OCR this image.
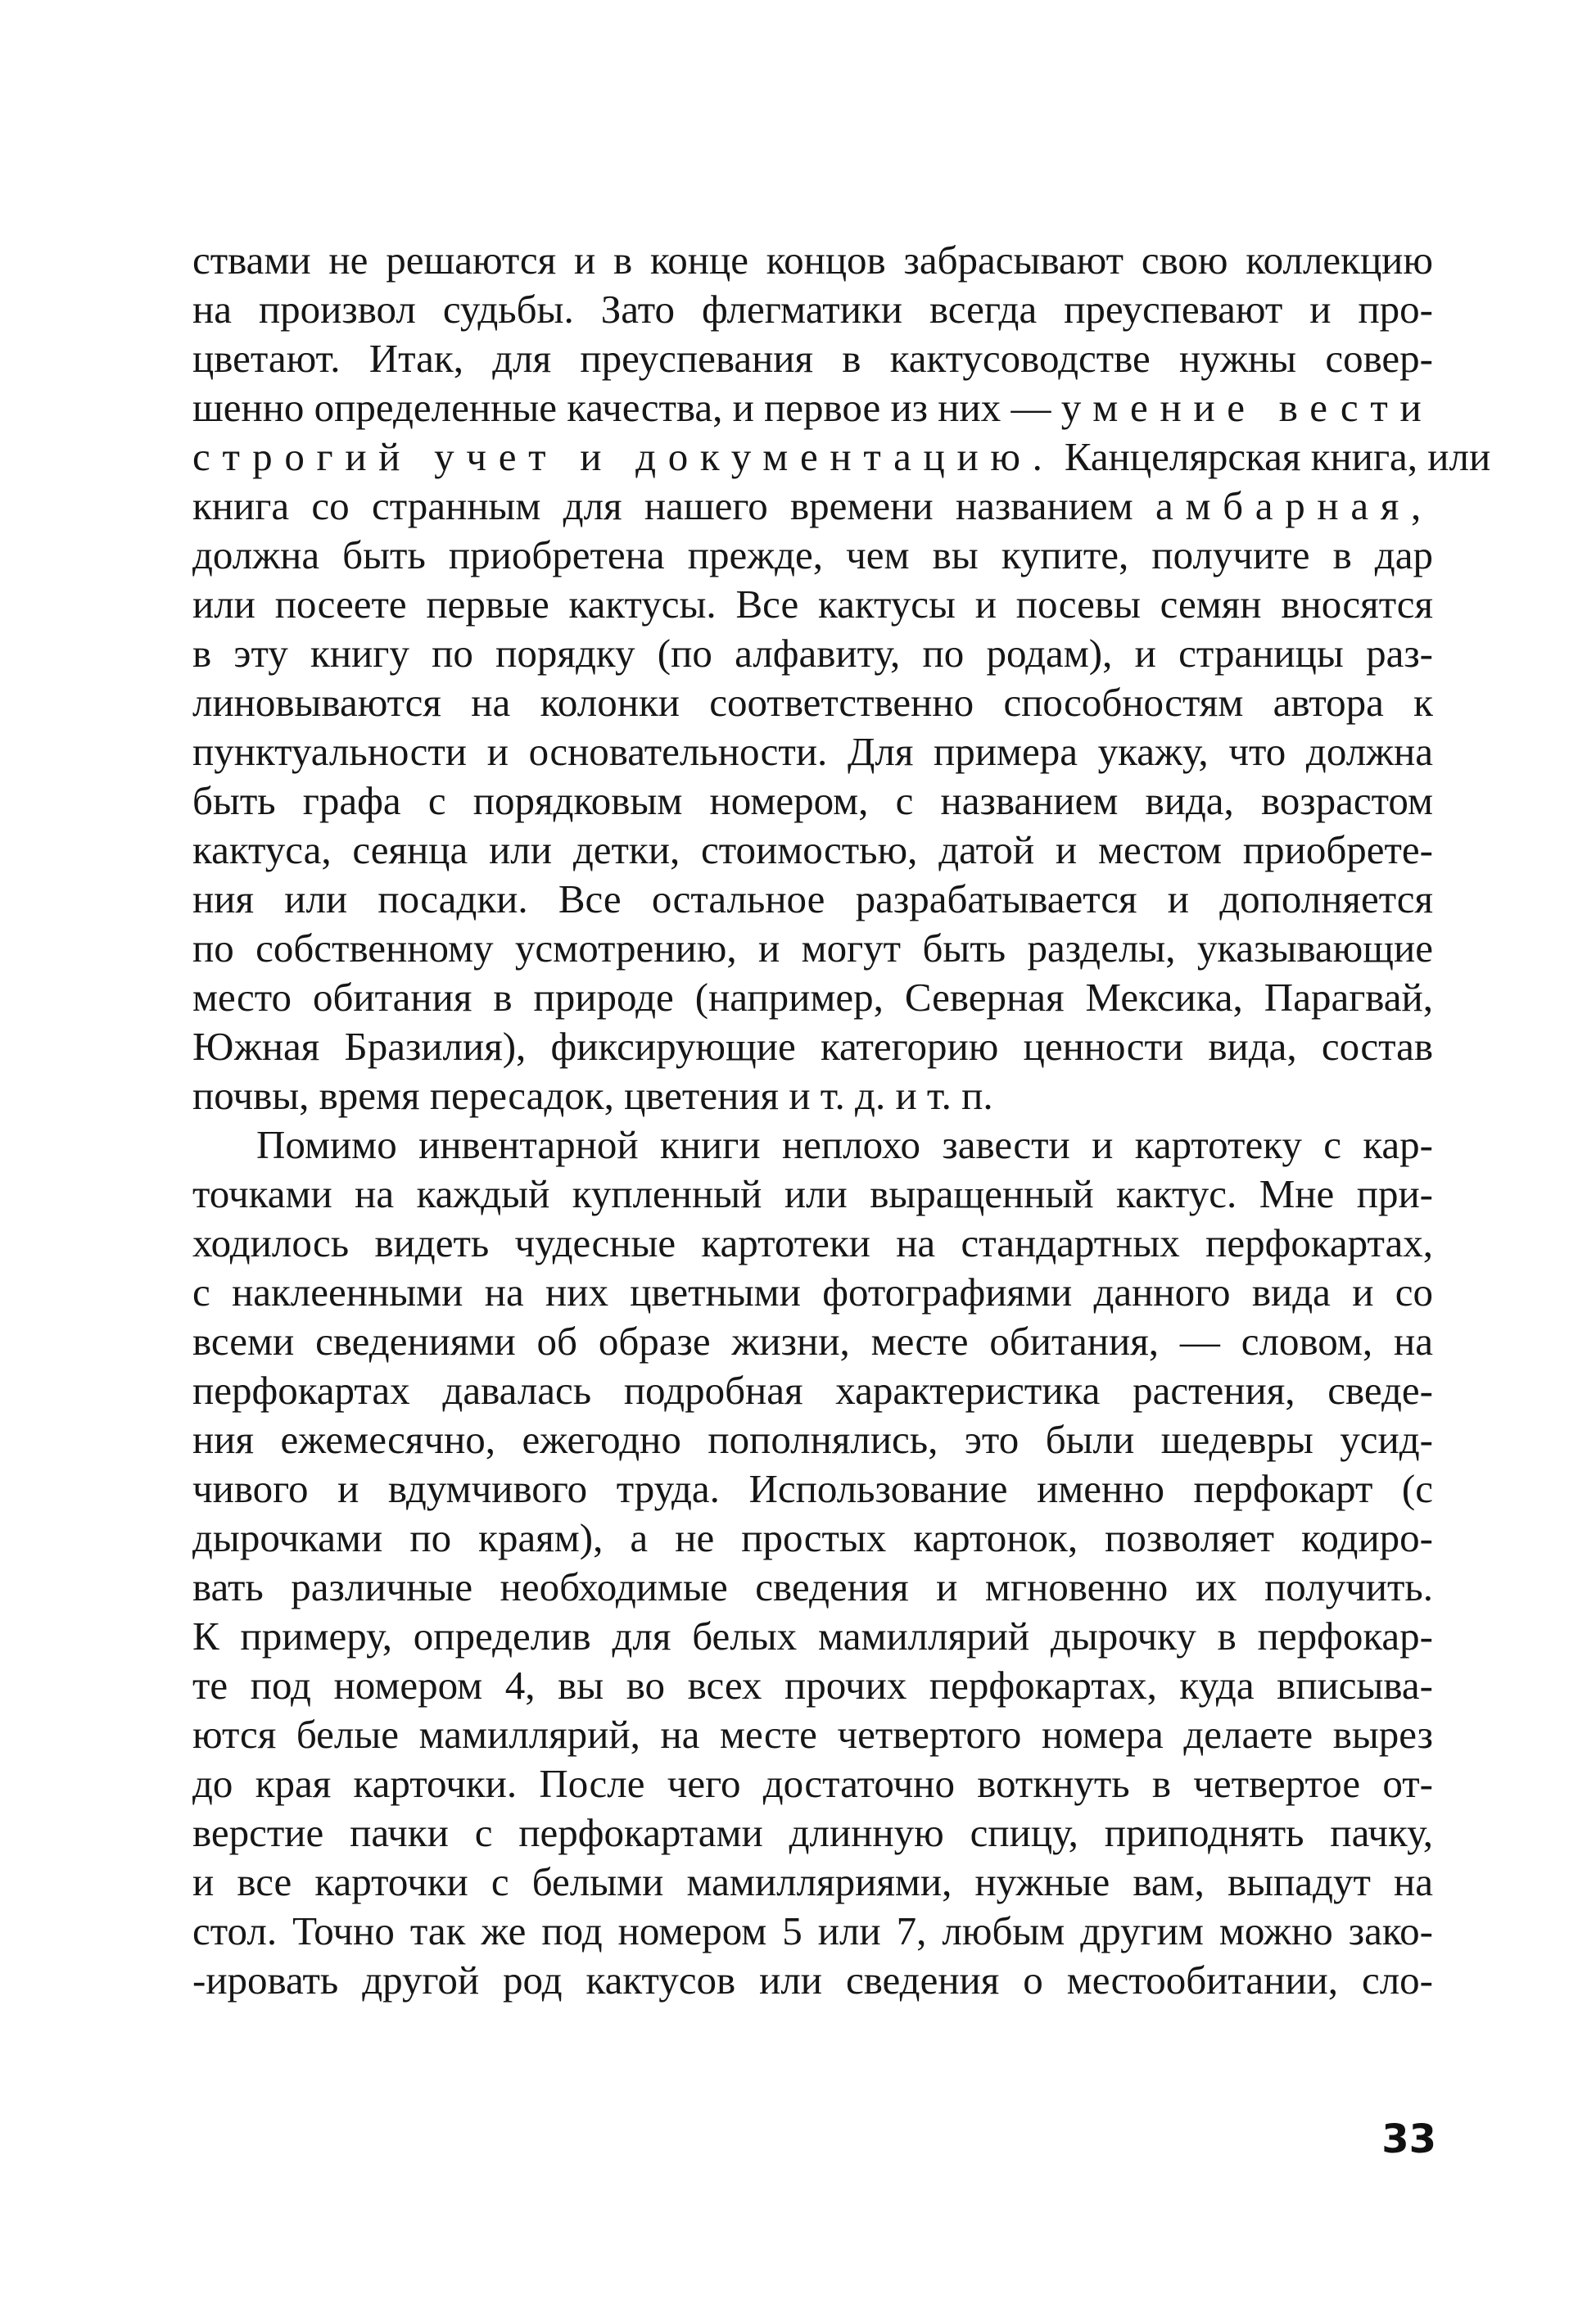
ствами не решаются и в конце концов забрасывают свою коллекцию
на произвол судьбы. Зато флегматики всегда преуспевают и про-
цветают. Итак, для преуспевания в кактусоводстве нужны совер-
шенно определенные качества, и первое из них — умение вести
строгий учет и документацию. Канцелярская книга, или
книга со странным для нашего времени названием амбарная,
должна быть приобретена прежде, чем вы купите, получите в дар
или посеете первые кактусы. Все кактусы и посевы семян вносятся
в эту книгу по порядку (по алфавиту, по родам), и страницы раз-
линовываются на колонки соответственно способностям автора к
пунктуальности и основательности. Для примера укажу, что должна
быть графа с порядковым номером, с названием вида, возрастом
кактуса, сеянца или детки, стоимостью, датой и местом приобрете-
ния или посадки. Все остальное разрабатывается и дополняется
по собственному усмотрению, и могут быть разделы, указывающие
место обитания в природе (например, Северная Мексика, Парагвай,
Южная Бразилия), фиксирующие категорию ценности вида, состав
почвы, время пересадок, цветения и т. д. и т. п.
Помимо инвентарной книги неплохо завести и картотеку с кар-
точками на каждый купленный или выращенный кактус. Мне при-
ходилось видеть чудесные картотеки на стандартных перфокартах,
с наклеенными на них цветными фотографиями данного вида и со
всеми сведениями об образе жизни, месте обитания, — словом, на
перфокартах давалась подробная характеристика растения, сведе-
ния ежемесячно, ежегодно пополнялись, это были шедевры усид-
чивого и вдумчивого труда. Использование именно перфокарт (с
дырочками по краям), а не простых картонок, позволяет кодиро-
вать различные необходимые сведения и мгновенно их получить.
К примеру, определив для белых мамиллярий дырочку в перфокар-
те под номером 4, вы во всех прочих перфокартах, куда вписыва-
ются белые мамиллярий, на месте четвертого номера делаете вырез
до края карточки. После чего достаточно воткнуть в четвертое от-
верстие пачки с перфокартами длинную спицу, приподнять пачку,
и все карточки с белыми мамилляриями, нужные вам, выпадут на
стол. Точно так же под номером 5 или 7, любым другим можно зако-
-ировать другой род кактусов или сведения о местообитании, сло-
33
